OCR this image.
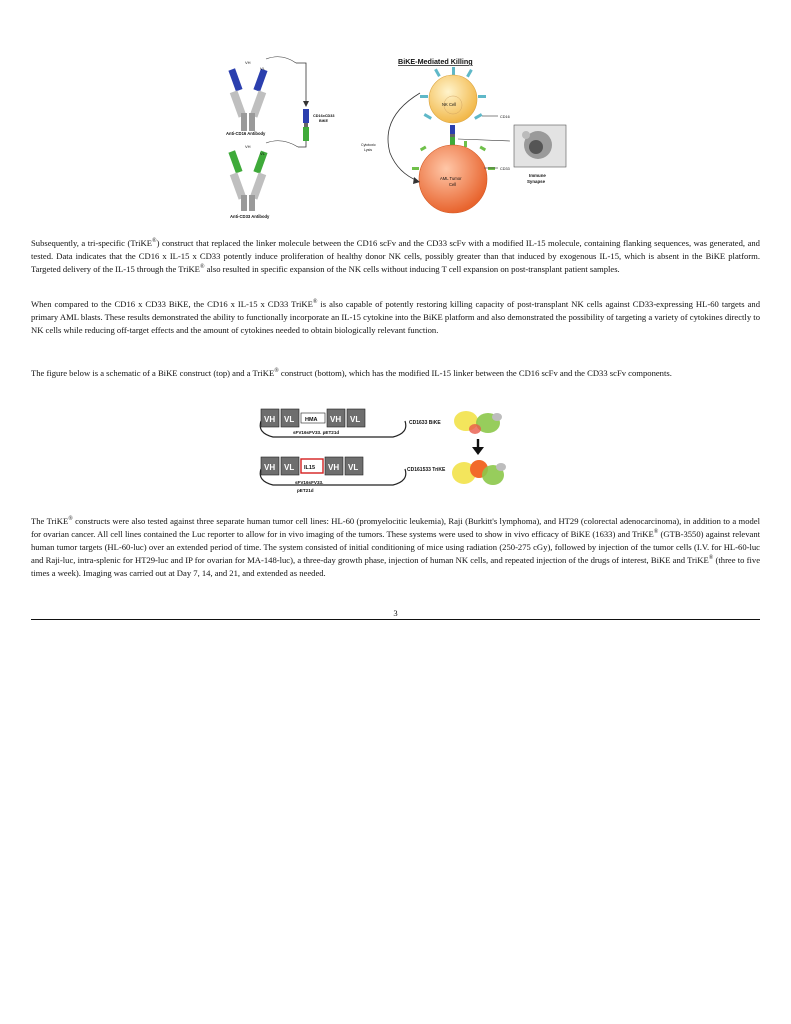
VH
VL
Anti-CD16 Antibody
VH
VL
Anti-CD33 Antibody
CD16xCD33
BiKE
BiKE-Mediated Killing
NK Cell
AML Tumor
Cell
Cytotoxic
Lysis
CD16
CD33
Immune
Synapse

Subsequently, a tri-specific (TriKE®) construct that replaced the linker molecule between the CD16 scFv and the CD33 scFv with a modified IL-15 molecule, containing flanking sequences, was generated, and tested. Data indicates that the CD16 x IL-15 x CD33 potently induce proliferation of healthy donor NK cells, possibly greater than that induced by exogenous IL-15, which is absent in the BiKE platform. Targeted delivery of the IL-15 through the TriKE® also resulted in specific expansion of the NK cells without inducing T cell expansion on post-transplant patient samples.

When compared to the CD16 x CD33 BiKE, the CD16 x IL-15 x CD33 TriKE® is also capable of potently restoring killing capacity of post-transplant NK cells against CD33-expressing HL-60 targets and primary AML blasts. These results demonstrated the ability to functionally incorporate an IL-15 cytokine into the BiKE platform and also demonstrated the possibility of targeting a variety of cytokines directly to NK cells while reducing off-target effects and the amount of cytokines needed to obtain biologically relevant function.

The figure below is a schematic of a BiKE construct (top) and a TriKE® construct (bottom), which has the modified IL-15 linker between the CD16 scFv and the CD33 scFv components.

VH VL HMA VH VL
sFV16sFV33. pET21d
CD1633 BiKE
VH VL IL15 VH VL
sFV16sFV33.
pET21d
CD161533 TriKE

The TriKE® constructs were also tested against three separate human tumor cell lines: HL-60 (promyelocitic leukemia), Raji (Burkitt's lymphoma), and HT29 (colorectal adenocarcinoma), in addition to a model for ovarian cancer. All cell lines contained the Luc reporter to allow for in vivo imaging of the tumors. These systems were used to show in vivo efficacy of BiKE (1633) and TriKE® (GTB-3550) against relevant human tumor targets (HL-60-luc) over an extended period of time. The system consisted of initial conditioning of mice using radiation (250-275 cGy), followed by injection of the tumor cells (I.V. for HL-60-luc and Raji-luc, intra-splenic for HT29-luc and IP for ovarian for MA-148-luc), a three-day growth phase, injection of human NK cells, and repeated injection of the drugs of interest, BiKE and TriKE® (three to five times a week). Imaging was carried out at Day 7, 14, and 21, and extended as needed.

3
